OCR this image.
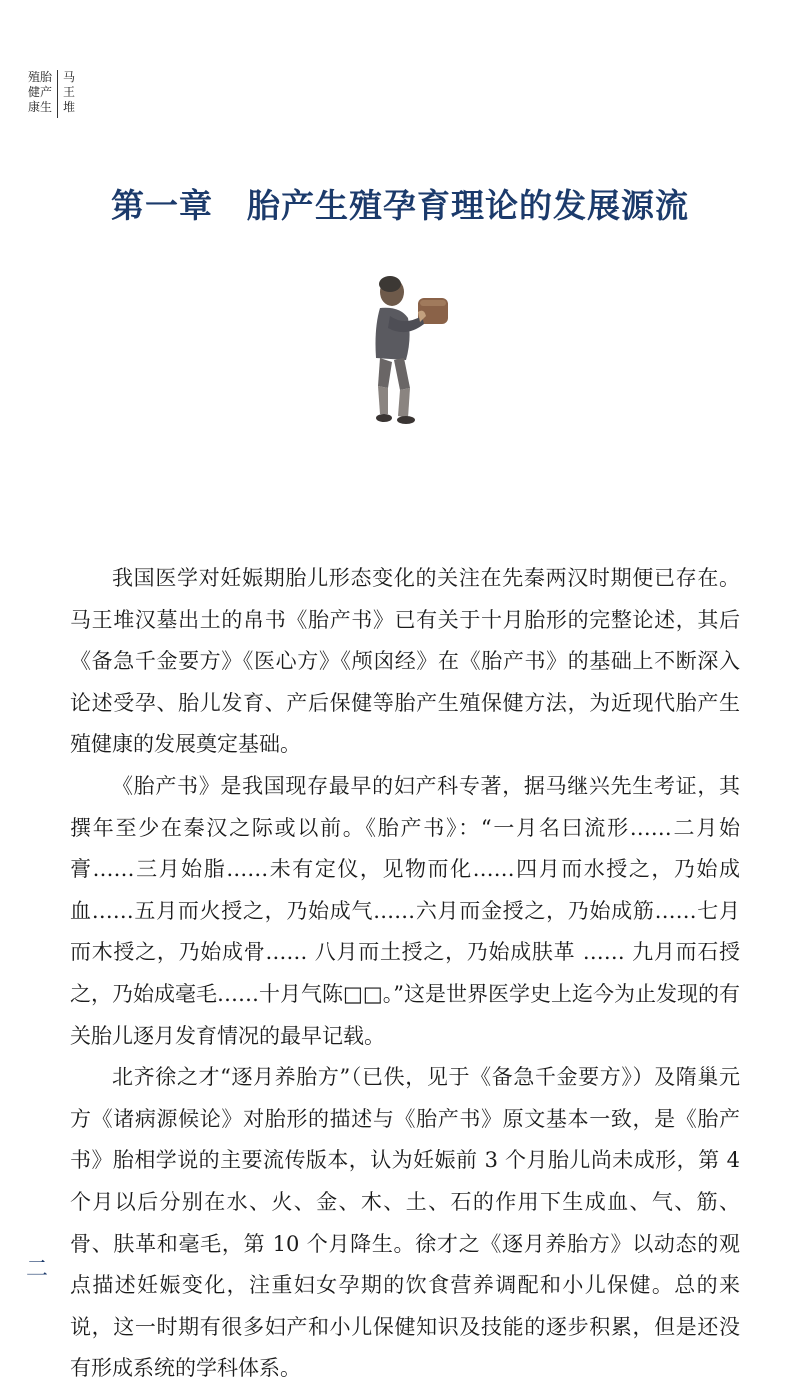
殖
健
康
胎
产
生
马
王
堆
第一章 胎产生殖孕育理论的发展源流

我国医学对妊娠期胎儿形态变化的关注在先秦两汉时期便已存在。马王堆汉墓出土的帛书《胎产书》已有关于十月胎形的完整论述，其后《备急千金要方》《医心方》《颅囟经》在《胎产书》的基础上不断深入论述受孕、胎儿发育、产后保健等胎产生殖保健方法，为近现代胎产生殖健康的发展奠定基础。

《胎产书》是我国现存最早的妇产科专著，据马继兴先生考证，其撰年至少在秦汉之际或以前。《胎产书》：“一月名曰流形……二月始膏……三月始脂……未有定仪，见物而化……四月而水授之，乃始成血……五月而火授之，乃始成气……六月而金授之，乃始成筋……七月而木授之，乃始成骨…… 八月而土授之，乃始成肤革 …… 九月而石授之，乃始成毫毛……十月气陈□□。”这是世界医学史上迄今为止发现的有关胎儿逐月发育情况的最早记载。

北齐徐之才“逐月养胎方”（已佚，见于《备急千金要方》）及隋巢元方《诸病源候论》对胎形的描述与《胎产书》原文基本一致，是《胎产书》胎相学说的主要流传版本，认为妊娠前 3 个月胎儿尚未成形，第 4 个月以后分别在水、火、金、木、土、石的作用下生成血、气、筋、骨、肤革和毫毛，第 10 个月降生。徐才之《逐月养胎方》以动态的观点描述妊娠变化，注重妇女孕期的饮食营养调配和小儿保健。总的来说，这一时期有很多妇产和小儿保健知识及技能的逐步积累，但是还没有形成系统的学科体系。

二
